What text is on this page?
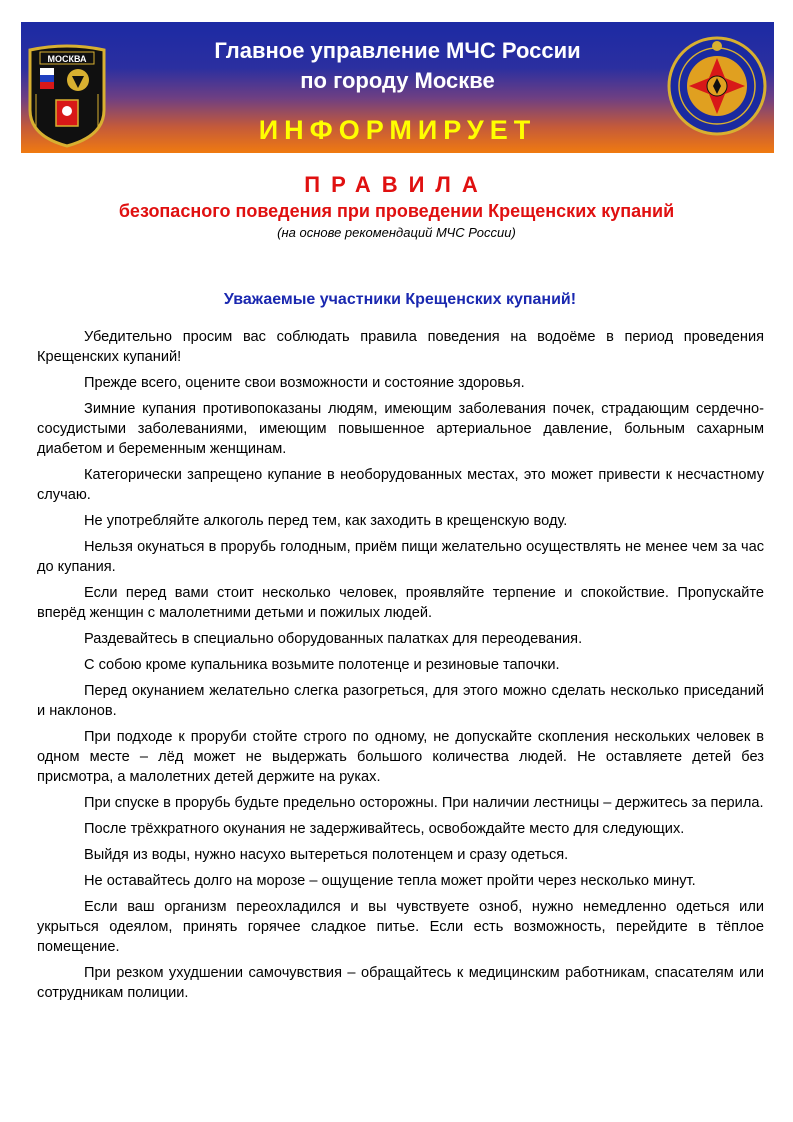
МОСКВА	Главное управление МЧС России
по городу Москве
ИНФОРМИРУЕТ
ПРАВИЛА
безопасного поведения при проведении Крещенских купаний
(на основе рекомендаций МЧС России)
Уважаемые участники Крещенских купаний!

Убедительно просим вас соблюдать правила поведения на водоёме в период проведения Крещенских купаний!

Прежде всего, оцените свои возможности и состояние здоровья.

Зимние купания противопоказаны людям, имеющим заболевания почек, страдающим сердечно-сосудистыми заболеваниями, имеющим повышенное артериальное давление, больным сахарным диабетом и беременным женщинам.

Категорически запрещено купание в необорудованных местах, это может привести к несчастному случаю.

Не употребляйте алкоголь перед тем, как заходить в крещенскую воду.

Нельзя окунаться в прорубь голодным, приём пищи желательно осуществлять не менее чем за час до купания.

Если перед вами стоит несколько человек, проявляйте терпение и спокойствие. Пропускайте вперёд женщин с малолетними детьми и пожилых людей.

Раздевайтесь в специально оборудованных палатках для переодевания.

С собою кроме купальника возьмите полотенце и резиновые тапочки.

Перед окунанием желательно слегка разогреться, для этого можно сделать несколько приседаний и наклонов.

При подходе к проруби стойте строго по одному, не допускайте скопления нескольких человек в одном месте – лёд может не выдержать большого количества людей. Не оставляете детей без присмотра, а малолетних детей держите на руках.

При спуске в прорубь будьте предельно осторожны. При наличии лестницы – держитесь за перила.

После трёхкратного окунания не задерживайтесь, освобождайте место для следующих.

Выйдя из воды, нужно насухо вытереться полотенцем и сразу одеться.

Не оставайтесь долго на морозе – ощущение тепла может пройти через несколько минут.

Если ваш организм переохладился и вы чувствуете озноб, нужно немедленно одеться или укрыться одеялом, принять горячее сладкое питье. Если есть возможность, перейдите в тёплое помещение.

При резком ухудшении самочувствия – обращайтесь к медицинским работникам, спасателям или сотрудникам полиции.
